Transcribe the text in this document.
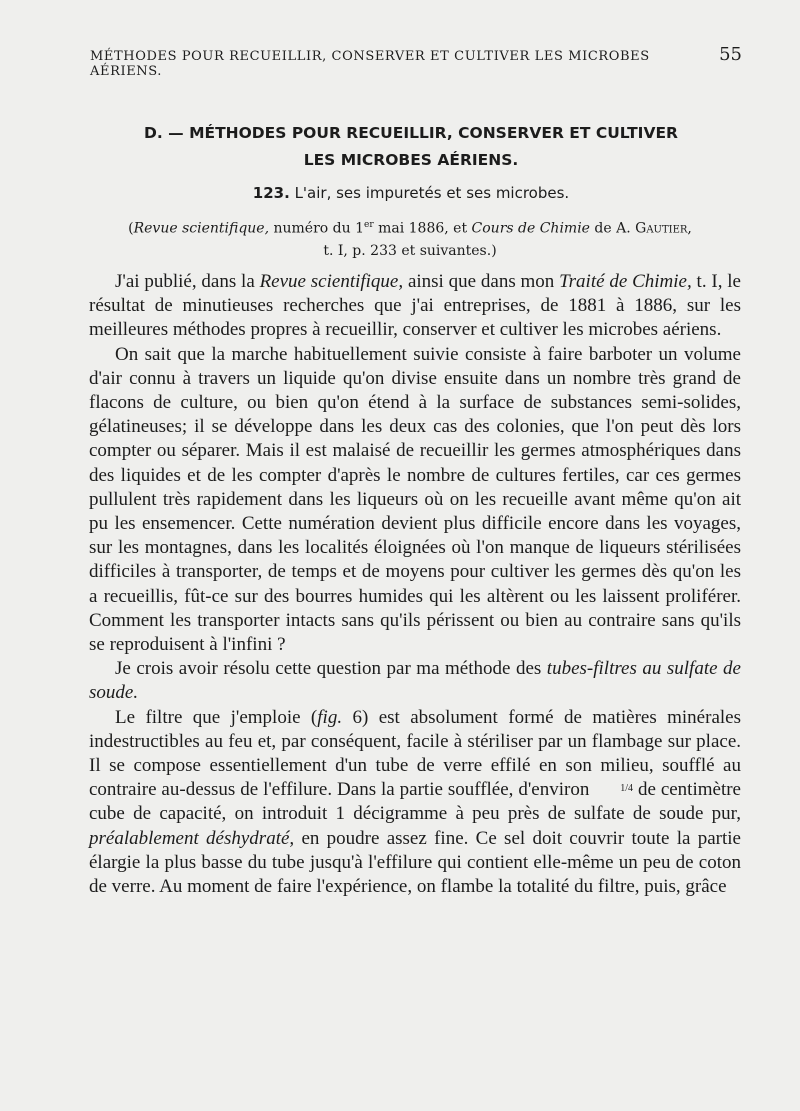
MÉTHODES POUR RECUEILLIR, CONSERVER ET CULTIVER LES MICROBES AÉRIENS.
55
D. — MÉTHODES POUR RECUEILLIR, CONSERVER ET CULTIVER
LES MICROBES AÉRIENS.
123. L'air, ses impuretés et ses microbes.
(Revue scientifique, numéro du 1er mai 1886, et Cours de Chimie de A. Gautier,
t. I, p. 233 et suivantes.)

J'ai publié, dans la Revue scientifique, ainsi que dans mon Traité de Chimie, t. I, le résultat de minutieuses recherches que j'ai entreprises, de 1881 à 1886, sur les meilleures méthodes propres à recueillir, conserver et cultiver les microbes aériens.

On sait que la marche habituellement suivie consiste à faire barboter un volume d'air connu à travers un liquide qu'on divise ensuite dans un nombre très grand de flacons de culture, ou bien qu'on étend à la surface de substances semi-solides, gélatineuses; il se développe dans les deux cas des colonies, que l'on peut dès lors compter ou séparer. Mais il est malaisé de recueillir les germes atmosphériques dans des liquides et de les compter d'après le nombre de cultures fertiles, car ces germes pullulent très rapidement dans les liqueurs où on les recueille avant même qu'on ait pu les ensemencer. Cette numération devient plus difficile encore dans les voyages, sur les montagnes, dans les localités éloignées où l'on manque de liqueurs stérilisées difficiles à transporter, de temps et de moyens pour cultiver les germes dès qu'on les a recueillis, fût-ce sur des bourres humides qui les altèrent ou les laissent proliférer. Comment les transporter intacts sans qu'ils périssent ou bien au contraire sans qu'ils se reproduisent à l'infini ?

Je crois avoir résolu cette question par ma méthode des tubes-filtres au sulfate de soude.

Le filtre que j'emploie (fig. 6) est absolument formé de matières minérales indestructibles au feu et, par conséquent, facile à stériliser par un flambage sur place. Il se compose essentiellement d'un tube de verre effilé en son milieu, soufflé au contraire au-dessus de l'effilure. Dans la partie soufflée, d'environ	1/4 de centimètre cube de capacité, on introduit 1 décigramme à peu près de sulfate de soude pur, préalablement déshydraté, en poudre assez fine. Ce sel doit couvrir toute la partie élargie la plus basse du tube jusqu'à l'effilure qui contient elle-même un peu de coton de verre. Au moment de faire l'expérience, on flambe la totalité du filtre, puis, grâce
